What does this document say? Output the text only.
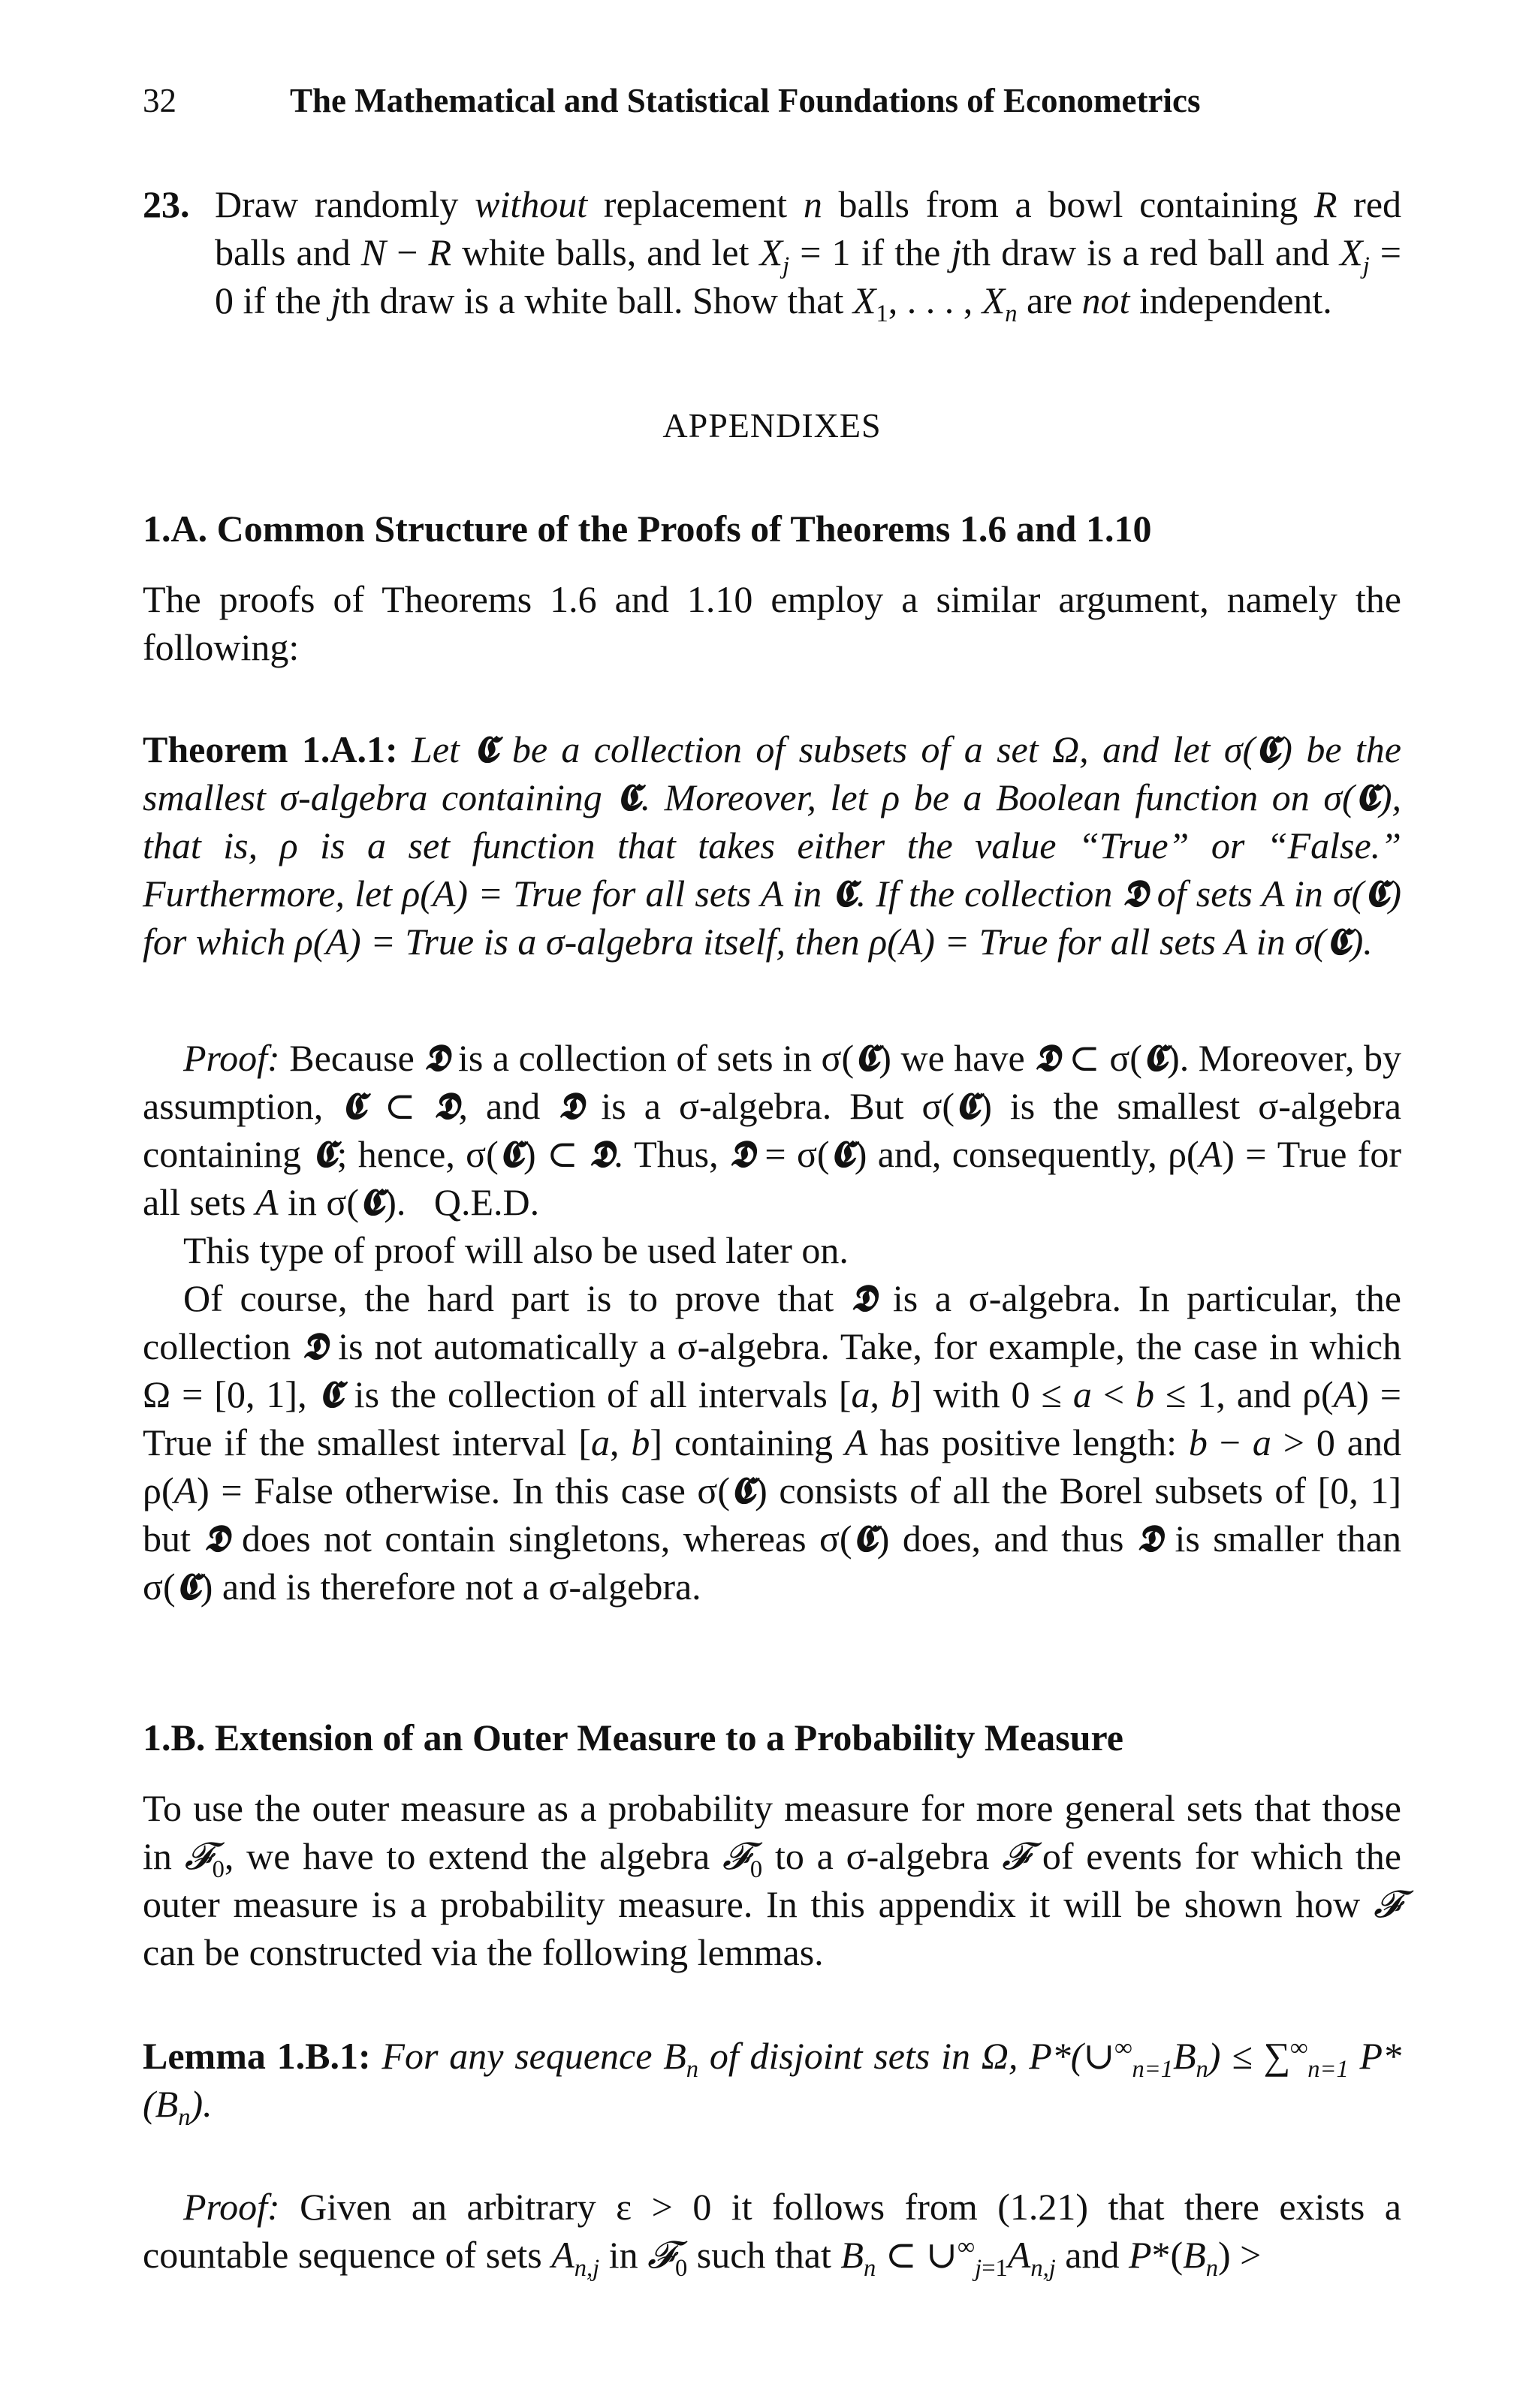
32	The Mathematical and Statistical Foundations of Econometrics
23. Draw randomly without replacement n balls from a bowl containing R red balls and N − R white balls, and let $X_j = 1$ if the jth draw is a red ball and $X_j = 0$ if the jth draw is a white ball. Show that $X_1$, . . . , $X_n$ are not independent.
APPENDIXES
1.A. Common Structure of the Proofs of Theorems 1.6 and 1.10
The proofs of Theorems 1.6 and 1.10 employ a similar argument, namely the following:
Theorem 1.A.1: Let 𝕮 be a collection of subsets of a set Ω, and let σ(𝕮) be the smallest σ-algebra containing 𝕮. Moreover, let ρ be a Boolean function on σ(𝕮), that is, ρ is a set function that takes either the value “True” or “False.” Furthermore, let ρ(A) = True for all sets A in 𝕮. If the collection 𝕯 of sets A in σ(𝕮) for which ρ(A) = True is a σ-algebra itself, then ρ(A) = True for all sets A in σ(𝕮).
Proof: Because 𝕯 is a collection of sets in σ(𝕮) we have 𝕯 ⊂ σ(𝕮). Moreover, by assumption, 𝕮 ⊂ 𝕯, and 𝕯 is a σ-algebra. But σ(𝕮) is the smallest σ-algebra containing 𝕮; hence, σ(𝕮) ⊂ 𝕯. Thus, 𝕯 = σ(𝕮) and, consequently, ρ(A) = True for all sets A in σ(𝕮).   Q.E.D.
This type of proof will also be used later on.
Of course, the hard part is to prove that 𝕯 is a σ-algebra. In particular, the collection 𝕯 is not automatically a σ-algebra. Take, for example, the case in which Ω = [0, 1], 𝕮 is the collection of all intervals [a, b] with 0 ≤ a < b ≤ 1, and ρ(A) = True if the smallest interval [a, b] containing A has positive length: b − a > 0 and ρ(A) = False otherwise. In this case σ(𝕮) consists of all the Borel subsets of [0, 1] but 𝕯 does not contain singletons, whereas σ(𝕮) does, and thus 𝕯 is smaller than σ(𝕮) and is therefore not a σ-algebra.
1.B. Extension of an Outer Measure to a Probability Measure
To use the outer measure as a probability measure for more general sets that those in 𝓕$_0$, we have to extend the algebra 𝓕$_0$ to a σ-algebra 𝓕 of events for which the outer measure is a probability measure. In this appendix it will be shown how 𝓕 can be constructed via the following lemmas.
Lemma 1.B.1: For any sequence $B_n$ of disjoint sets in Ω, $P*(\cup^\infty_{n=1}B_n) \le \sum^\infty_{n=1}$ $P*(B_n)$.
Proof: Given an arbitrary ε > 0 it follows from (1.21) that there exists a countable sequence of sets $A_{n,j}$ in 𝓕$_0$ such that $B_n$ ⊂ $\cup^\infty_{j=1}A_{n,j}$ and $P*(B_n)$ >
